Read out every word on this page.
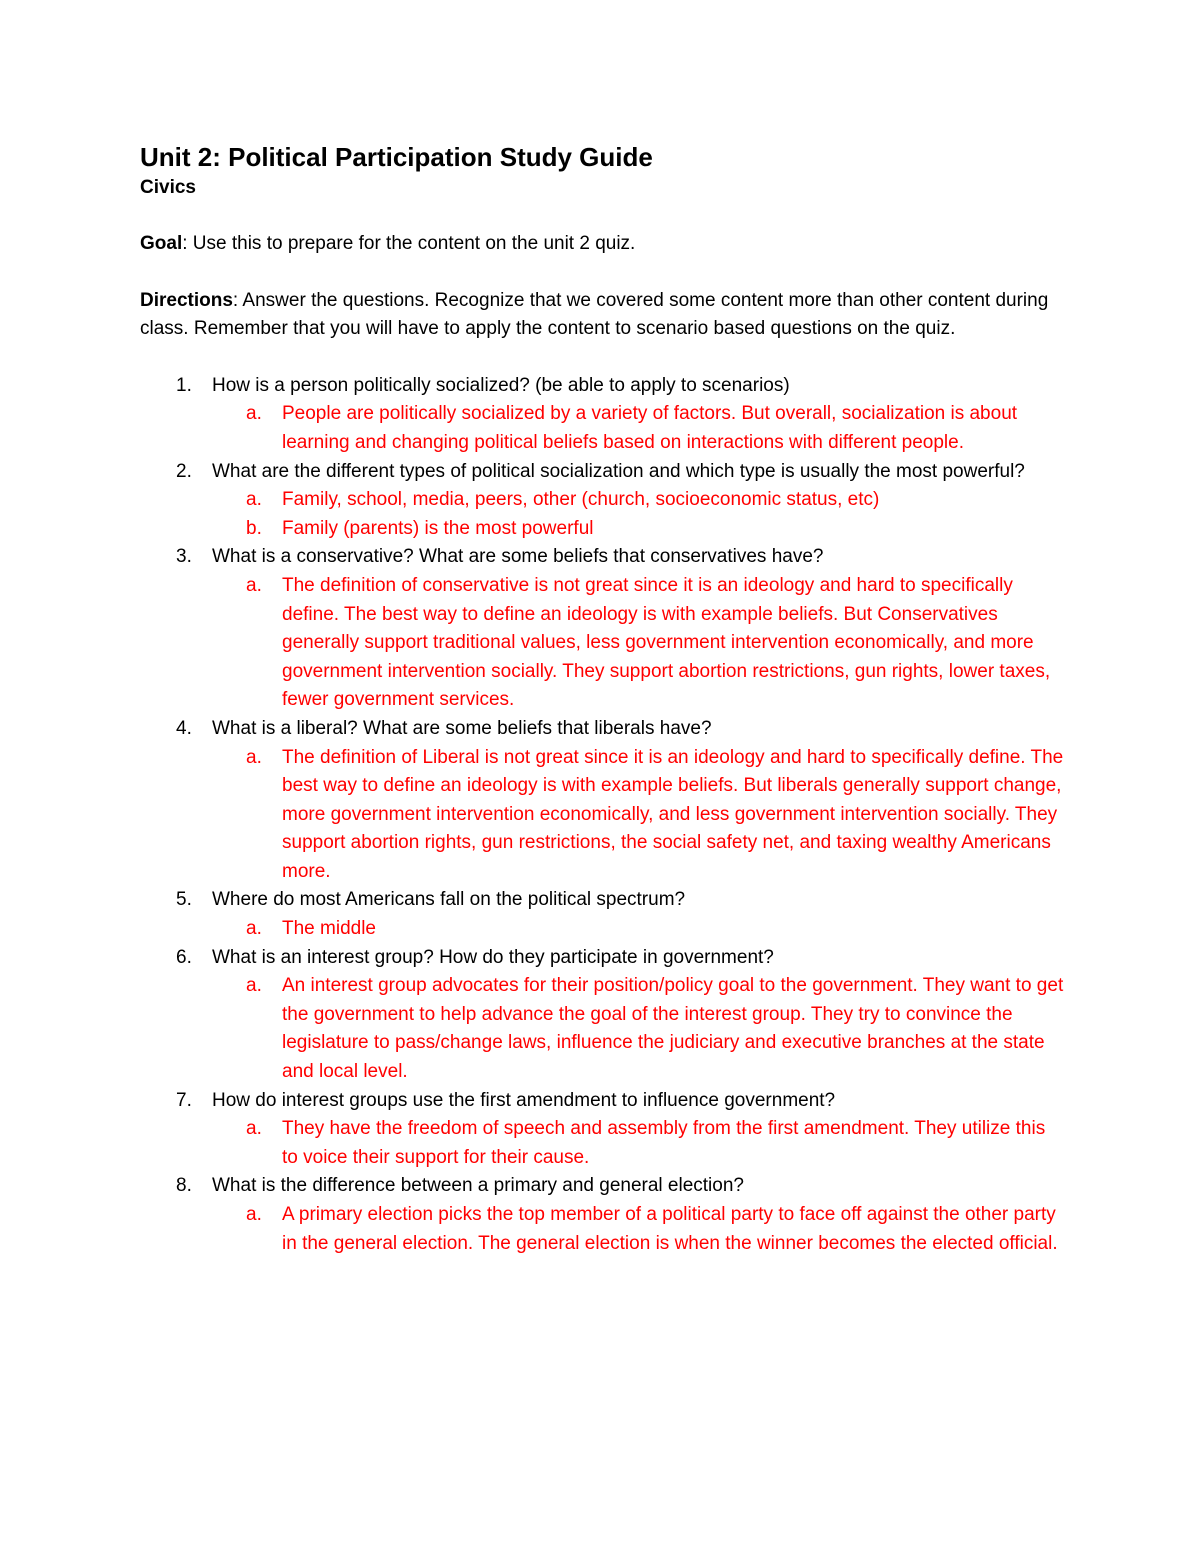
Unit 2: Political Participation Study Guide
Civics

Goal: Use this to prepare for the content on the unit 2 quiz.

Directions: Answer the questions. Recognize that we covered some content more than other content during class. Remember that you will have to apply the content to scenario based questions on the quiz.

1. How is a person politically socialized? (be able to apply to scenarios)
a. People are politically socialized by a variety of factors. But overall, socialization is about learning and changing political beliefs based on interactions with different people.
2. What are the different types of political socialization and which type is usually the most powerful?
a. Family, school, media, peers, other (church, socioeconomic status, etc)
b. Family (parents) is the most powerful
3. What is a conservative? What are some beliefs that conservatives have?
a. The definition of conservative is not great since it is an ideology and hard to specifically define. The best way to define an ideology is with example beliefs. But Conservatives generally support traditional values, less government intervention economically, and more government intervention socially. They support abortion restrictions, gun rights, lower taxes, fewer government services.
4. What is a liberal? What are some beliefs that liberals have?
a. The definition of Liberal is not great since it is an ideology and hard to specifically define. The best way to define an ideology is with example beliefs. But liberals generally support change, more government intervention economically, and less government intervention socially. They support abortion rights, gun restrictions, the social safety net, and taxing wealthy Americans more.
5. Where do most Americans fall on the political spectrum?
a. The middle
6. What is an interest group? How do they participate in government?
a. An interest group advocates for their position/policy goal to the government. They want to get the government to help advance the goal of the interest group. They try to convince the legislature to pass/change laws, influence the judiciary and executive branches at the state and local level.
7. How do interest groups use the first amendment to influence government?
a. They have the freedom of speech and assembly from the first amendment. They utilize this to voice their support for their cause.
8. What is the difference between a primary and general election?
a. A primary election picks the top member of a political party to face off against the other party in the general election. The general election is when the winner becomes the elected official.
